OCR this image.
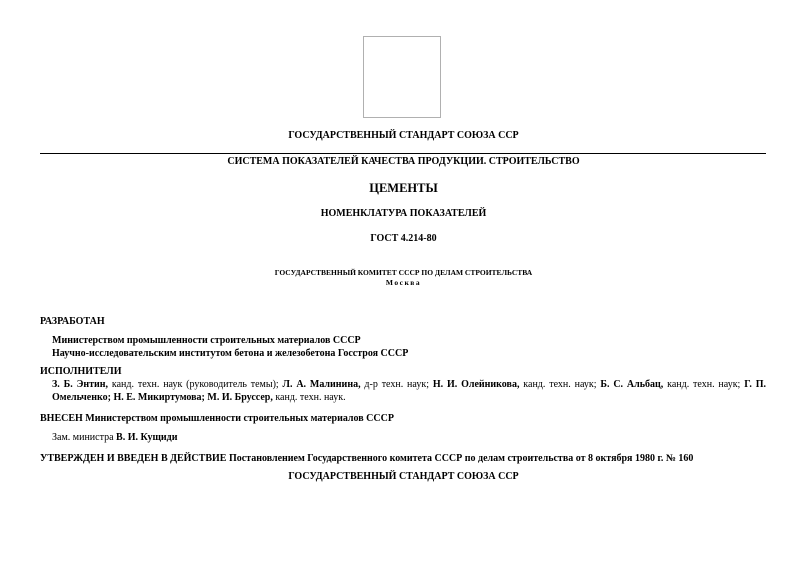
ГОСУДАРСТВЕННЫЙ СТАНДАРТ СОЮЗА ССР
СИСТЕМА ПОКАЗАТЕЛЕЙ КАЧЕСТВА ПРОДУКЦИИ. СТРОИТЕЛЬСТВО
ЦЕМЕНТЫ
НОМЕНКЛАТУРА ПОКАЗАТЕЛЕЙ
ГОСТ 4.214-80
ГОСУДАРСТВЕННЫЙ КОМИТЕТ СССР ПО ДЕЛАМ СТРОИТЕЛЬСТВА
Москва
РАЗРАБОТАН
Министерством промышленности строительных материалов СССР
Научно-исследовательским институтом бетона и железобетона Госстроя СССР
ИСПОЛНИТЕЛИ
З. Б. Энтин, канд. техн. наук (руководитель темы); Л. А. Малинина, д-р техн. наук; Н. И. Олейникова, канд. техн. наук; Б. С. Альбац, канд. техн. наук; Г. П. Омельченко; Н. Е. Микиртумова; М. И. Бруссер, канд. техн. наук.
ВНЕСЕН Министерством промышленности строительных материалов СССР
Зам. министра В. И. Кущиди
УТВЕРЖДЕН И ВВЕДЕН В ДЕЙСТВИЕ Постановлением Государственного комитета СССР по делам строительства от 8 октября 1980 г. № 160
ГОСУДАРСТВЕННЫЙ СТАНДАРТ СОЮЗА ССР
